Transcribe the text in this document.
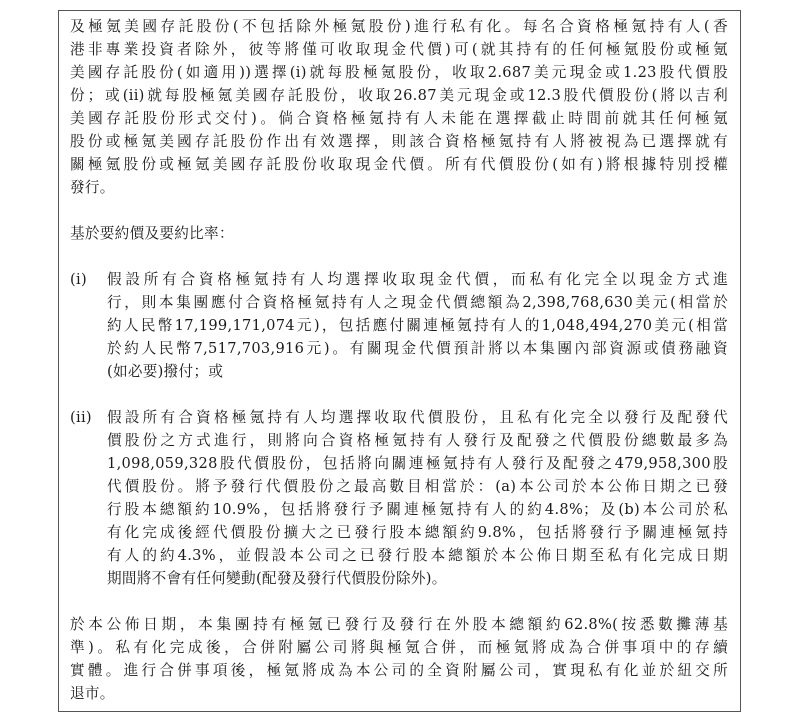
及極氪美國存託股份(不包括除外極氪股份)進行私有化。每名合資格極氪持有人(香
港非專業投資者除外，彼等將僅可收取現金代價)可(就其持有的任何極氪股份或極氪
美國存託股份(如適用))選擇(i)就每股極氪股份，收取2.687美元現金或1.23股代價股
份；或(ii)就每股極氪美國存託股份，收取26.87美元現金或12.3股代價股份(將以吉利
美國存託股份形式交付)。倘合資格極氪持有人未能在選擇截止時間前就其任何極氪
股份或極氪美國存託股份作出有效選擇，則該合資格極氪持有人將被視為已選擇就有
關極氪股份或極氪美國存託股份收取現金代價。所有代價股份(如有)將根據特別授權
發行。
基於要約價及要約比率：
(i) 假設所有合資格極氪持有人均選擇收取現金代價，而私有化完全以現金方式進
行，則本集團應付合資格極氪持有人之現金代價總額為2,398,768,630美元(相當於
約人民幣17,199,171,074元)，包括應付關連極氪持有人的1,048,494,270美元(相當
於約人民幣7,517,703,916元)。有關現金代價預計將以本集團內部資源或債務融資
(如必要)撥付；或
(ii) 假設所有合資格極氪持有人均選擇收取代價股份，且私有化完全以發行及配發代
價股份之方式進行，則將向合資格極氪持有人發行及配發之代價股份總數最多為
1,098,059,328股代價股份，包括將向關連極氪持有人發行及配發之479,958,300股
代價股份。將予發行代價股份之最高數目相當於：(a)本公司於本公佈日期之已發
行股本總額約10.9%，包括將發行予關連極氪持有人的約4.8%；及(b)本公司於私
有化完成後經代價股份擴大之已發行股本總額約9.8%，包括將發行予關連極氪持
有人的約4.3%，並假設本公司之已發行股本總額於本公佈日期至私有化完成日期
期間將不會有任何變動(配發及發行代價股份除外)。
於本公佈日期，本集團持有極氪已發行及發行在外股本總額約62.8%(按悉數攤薄基
準)。私有化完成後，合併附屬公司將與極氪合併，而極氪將成為合併事項中的存續
實體。進行合併事項後，極氪將成為本公司的全資附屬公司，實現私有化並於紐交所
退市。
